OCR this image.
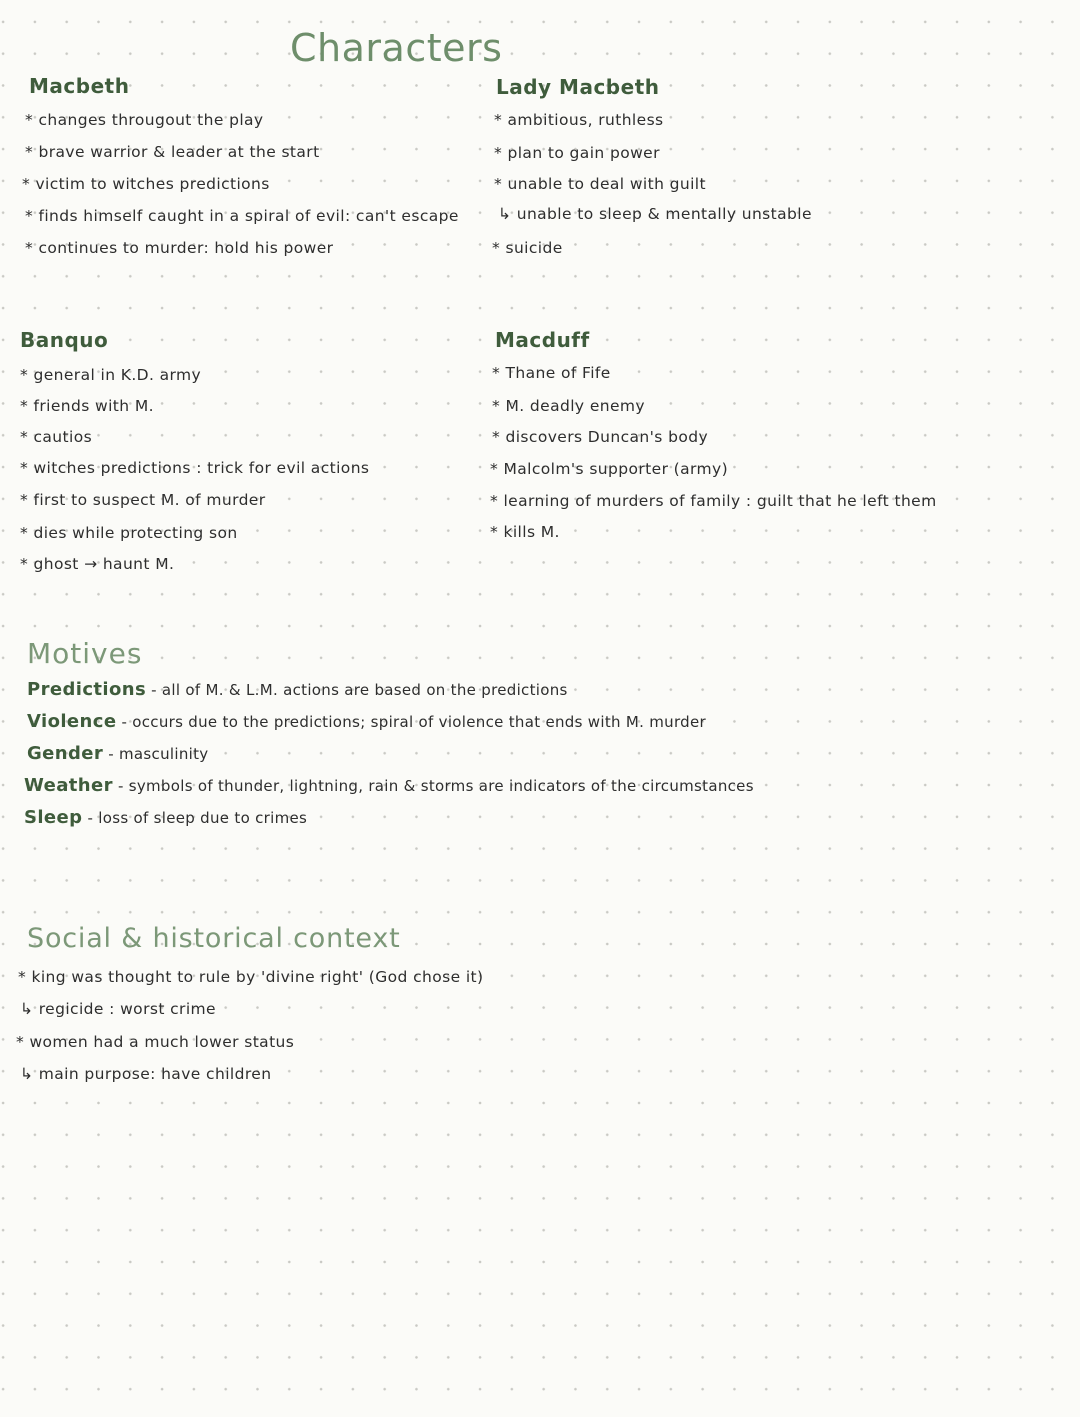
Characters
Macbeth
* changes througout the play
* brave warrior & leader at the start
* victim to witches predictions
* finds himself caught in a spiral of evil: can't escape
* continues to murder: hold his power
Lady Macbeth
* ambitious, ruthless
* plan to gain power
* unable to deal with guilt
↳ unable to sleep & mentally unstable
* suicide
Banquo
* general in K.D. army
* friends with M.
* cautios
* witches predictions : trick for evil actions
* first to suspect M. of murder
* dies while protecting son
* ghost → haunt M.
Macduff
* Thane of Fife
* M. deadly enemy
* discovers Duncan's body
* Malcolm's supporter (army)
* learning of murders of family : guilt that he left them
* kills M.
Motives
Predictions - all of M. & L.M. actions are based on the predictions
Violence - occurs due to the predictions; spiral of violence that ends with M. murder
Gender - masculinity
Weather - symbols of thunder, lightning, rain & storms are indicators of the circumstances
Sleep - loss of sleep due to crimes
Social & historical context
* king was thought to rule by 'divine right' (God chose it)
↳ regicide : worst crime
* women had a much lower status
↳ main purpose: have children
